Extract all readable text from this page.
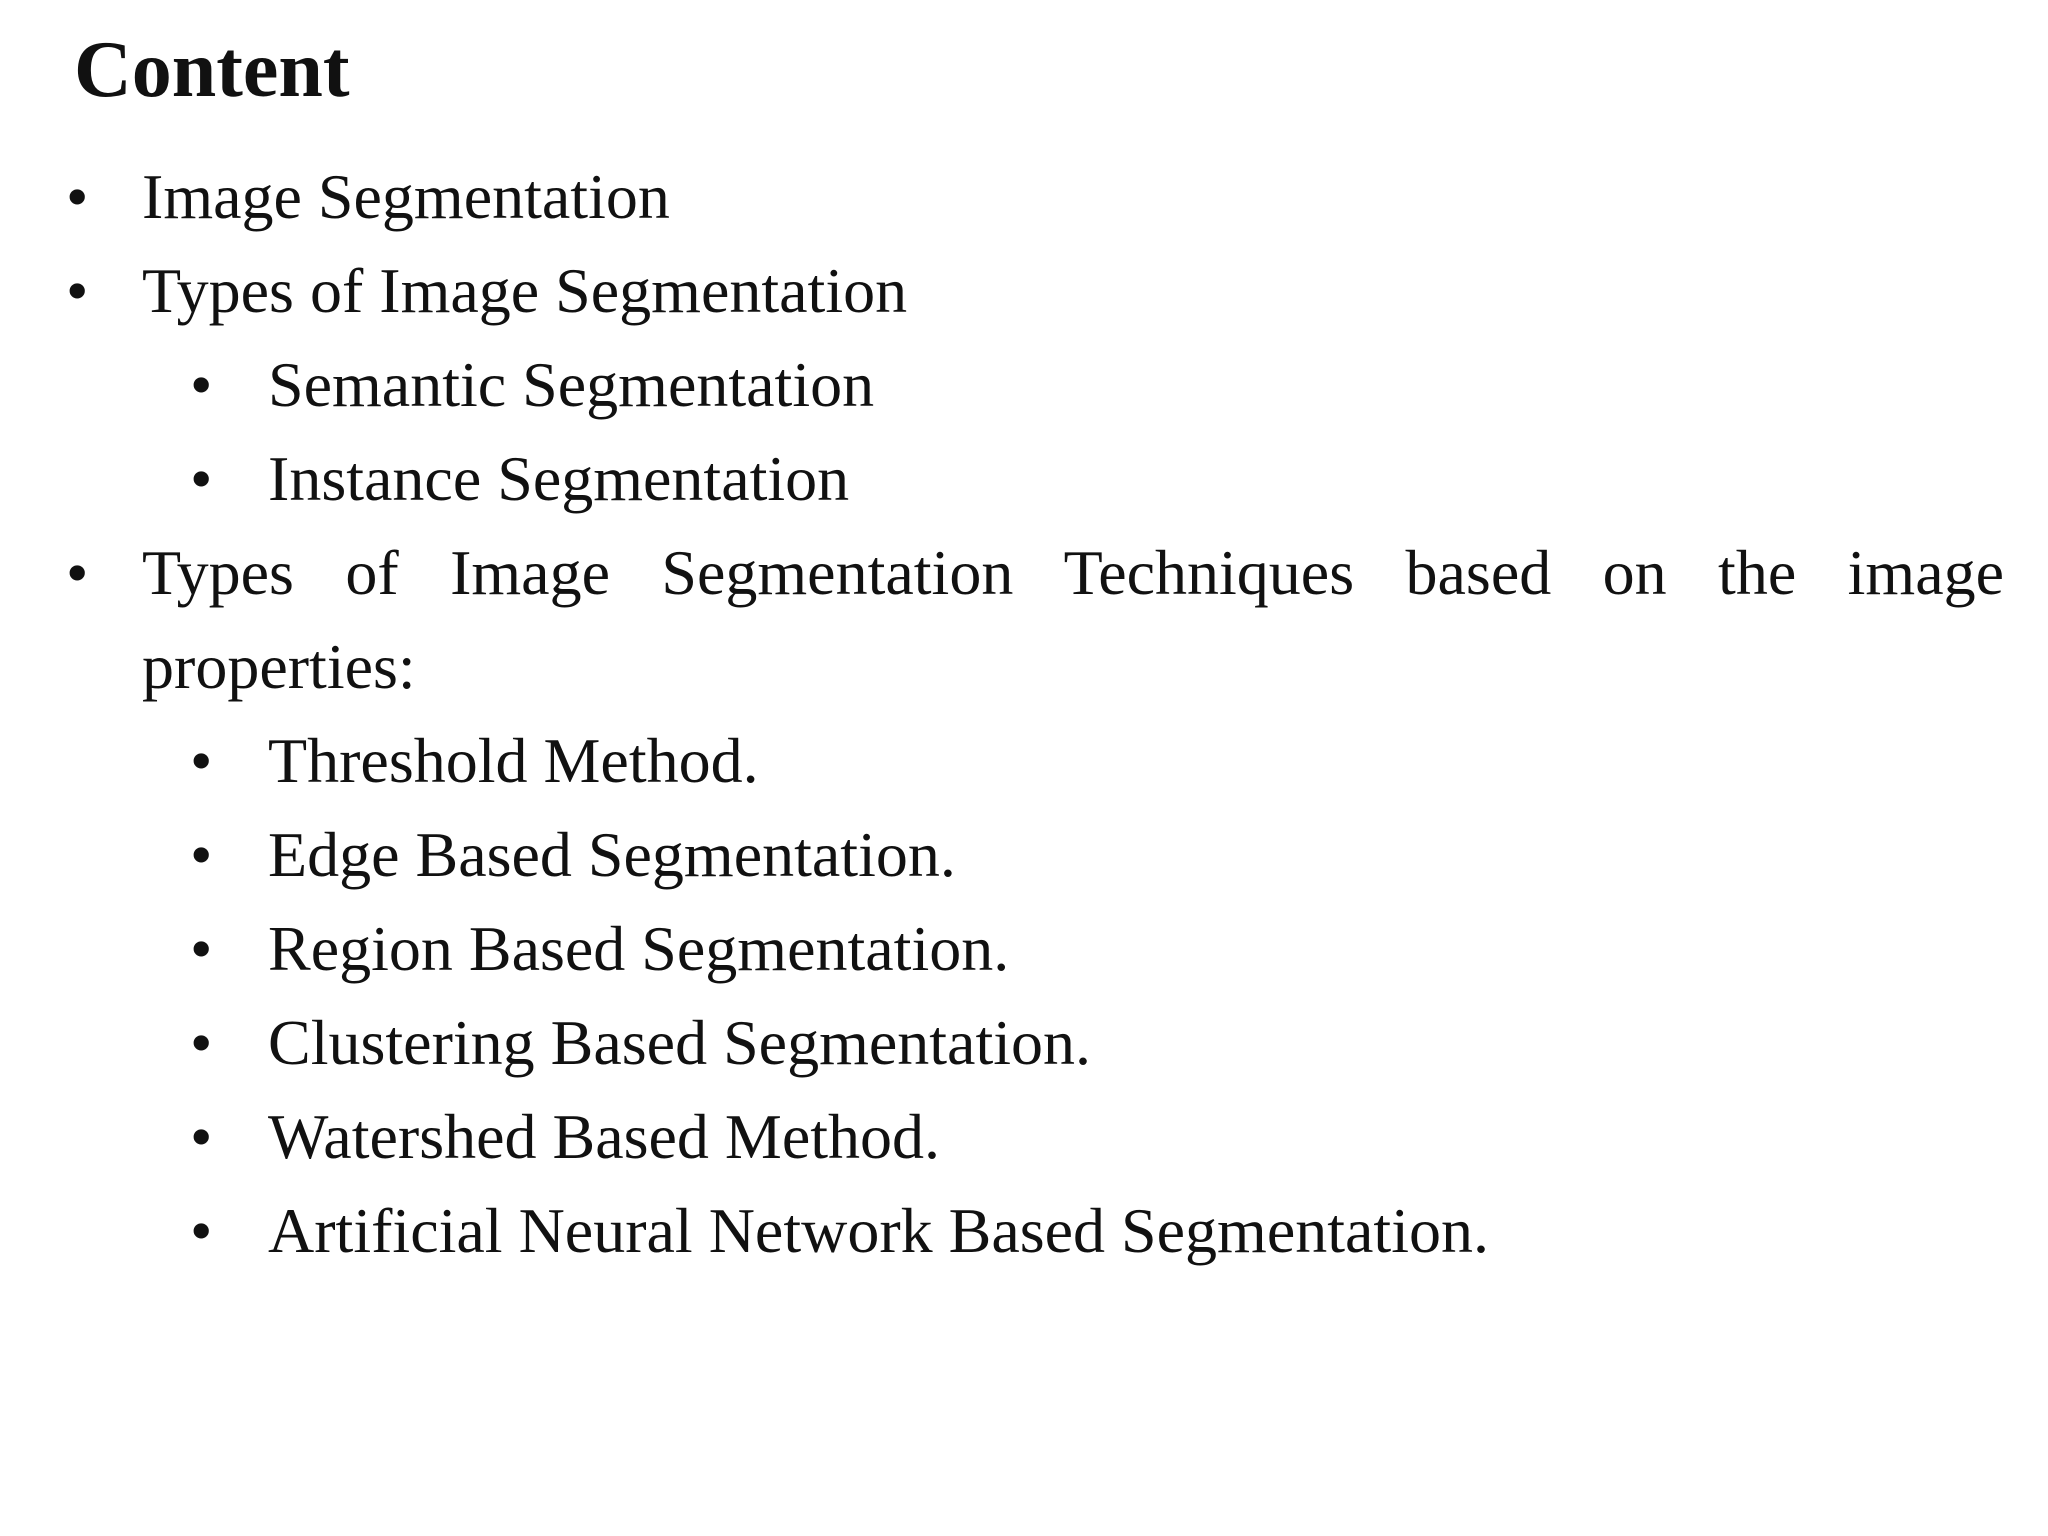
Content
• Image Segmentation
• Types of Image Segmentation
• Semantic Segmentation
• Instance Segmentation
• Types of Image Segmentation Techniques based on the image
properties:
• Threshold Method.
• Edge Based Segmentation.
• Region Based Segmentation.
• Clustering Based Segmentation.
• Watershed Based Method.
• Artificial Neural Network Based Segmentation.
